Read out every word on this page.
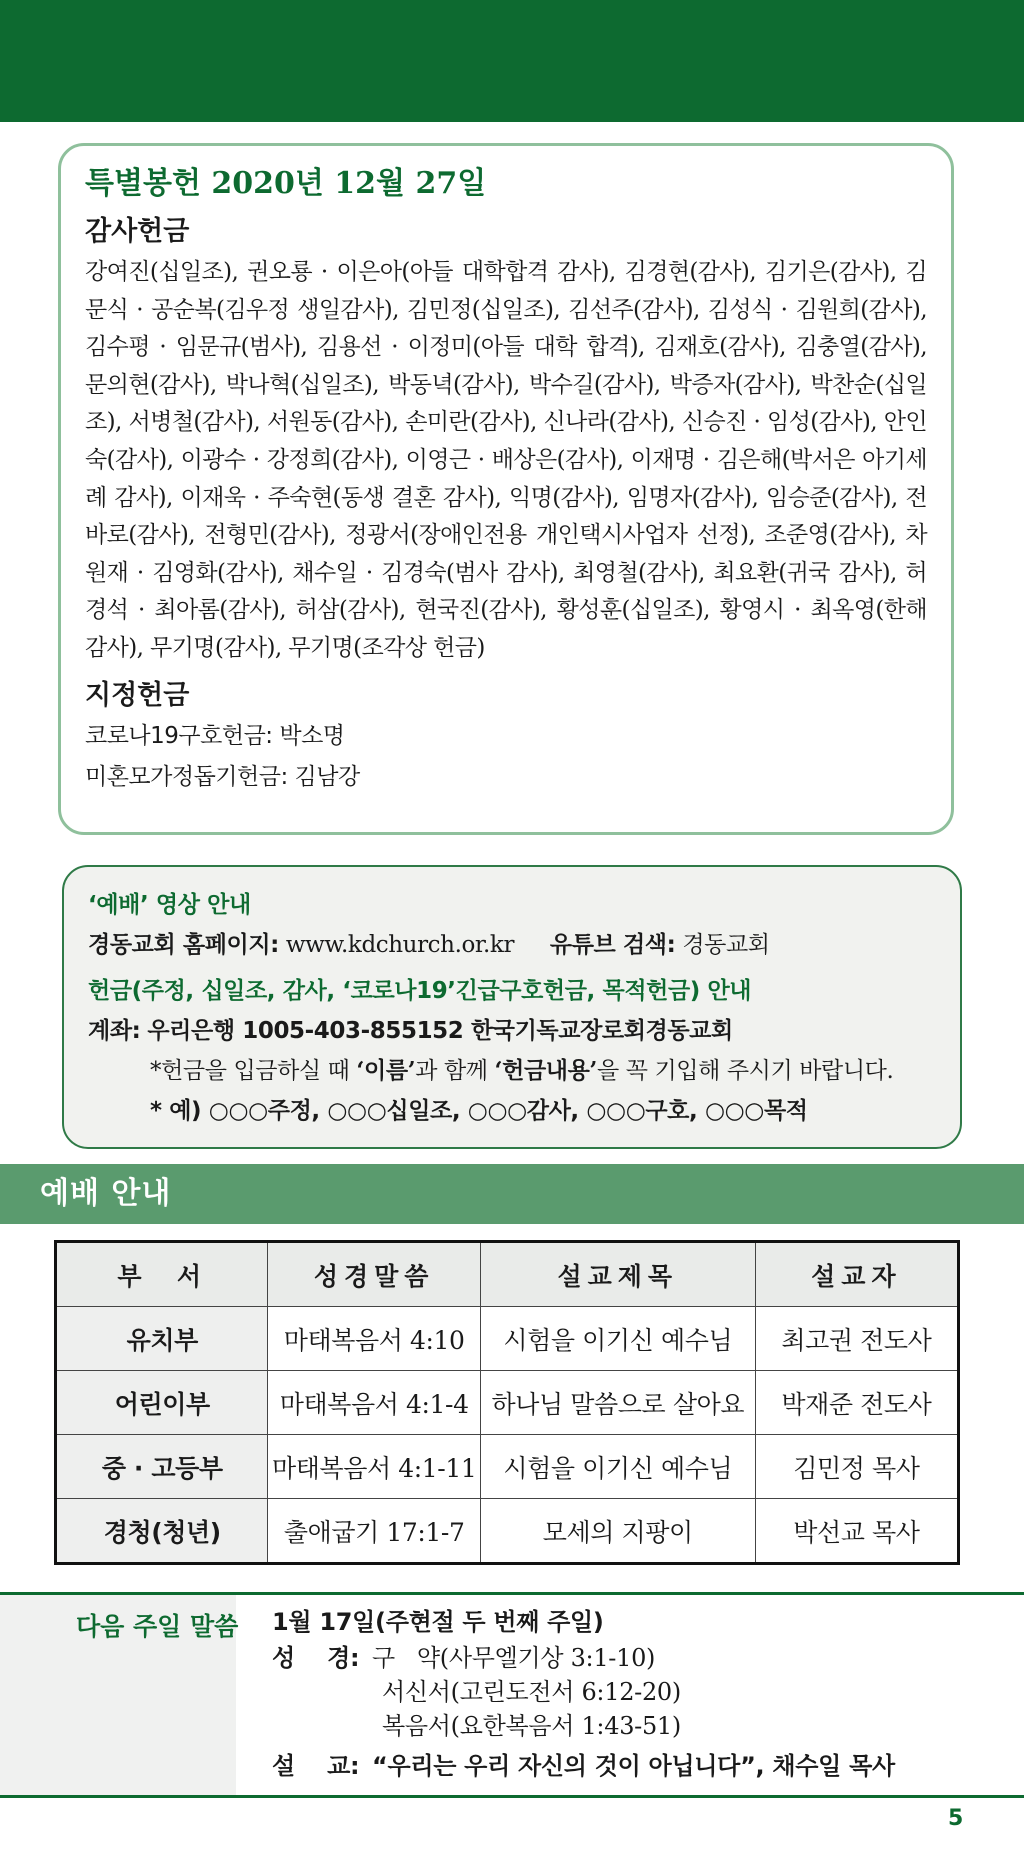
특별봉헌 2020년 12월 27일
감사헌금
강여진(십일조), 권오룡 · 이은아(아들 대학합격 감사), 김경현(감사), 김기은(감사), 김문식 · 공순복(김우정 생일감사), 김민정(십일조), 김선주(감사), 김성식 · 김원희(감사), 김수평 · 임문규(범사), 김용선 · 이정미(아들 대학 합격), 김재호(감사), 김충열(감사), 문의현(감사), 박나혁(십일조), 박동녁(감사), 박수길(감사), 박증자(감사), 박찬순(십일조), 서병철(감사), 서원동(감사), 손미란(감사), 신나라(감사), 신승진 · 임성(감사), 안인숙(감사), 이광수 · 강정희(감사), 이영근 · 배상은(감사), 이재명 · 김은해(박서은 아기세례 감사), 이재욱 · 주숙현(동생 결혼 감사), 익명(감사), 임명자(감사), 임승준(감사), 전바로(감사), 전형민(감사), 정광서(장애인전용 개인택시사업자 선정), 조준영(감사), 차원재 · 김영화(감사), 채수일 · 김경숙(범사 감사), 최영철(감사), 최요환(귀국 감사), 허경석 · 최아롬(감사), 허삼(감사), 현국진(감사), 황성훈(십일조), 황영시 · 최옥영(한해 감사), 무기명(감사), 무기명(조각상 헌금)
지정헌금
코로나19구호헌금: 박소명
미혼모가정돕기헌금: 김남강
‘예배’ 영상 안내
경동교회 홈페이지: www.kdchurch.or.kr 유튜브 검색: 경동교회
헌금(주정, 십일조, 감사, ‘코로나19’긴급구호헌금, 목적헌금) 안내
계좌: 우리은행 1005-403-855152 한국기독교장로회경동교회
*헌금을 입금하실 때 ‘이름’과 함께 ‘헌금내용’을 꼭 기입해 주시기 바랍니다.
* 예) ○○○주정, ○○○십일조, ○○○감사, ○○○구호, ○○○목적
예배 안내
부  서	성경말씀	설교제목	설교자
유치부	마태복음서 4:10	시험을 이기신 예수님	최고권 전도사
어린이부	마태복음서 4:1-4	하나님 말씀으로 살아요	박재준 전도사
중 · 고등부	마태복음서 4:1-11	시험을 이기신 예수님	김민정 목사
경청(청년)	출애굽기 17:1-7	모세의 지팡이	박선교 목사
다음 주일 말씀 1월 17일(주현절 두 번째 주일)
성    경: 구   약(사무엘기상 3:1-10)
서신서(고린도전서 6:12-20)
복음서(요한복음서 1:43-51)
설    교: “우리는 우리 자신의 것이 아닙니다”, 채수일 목사
5
